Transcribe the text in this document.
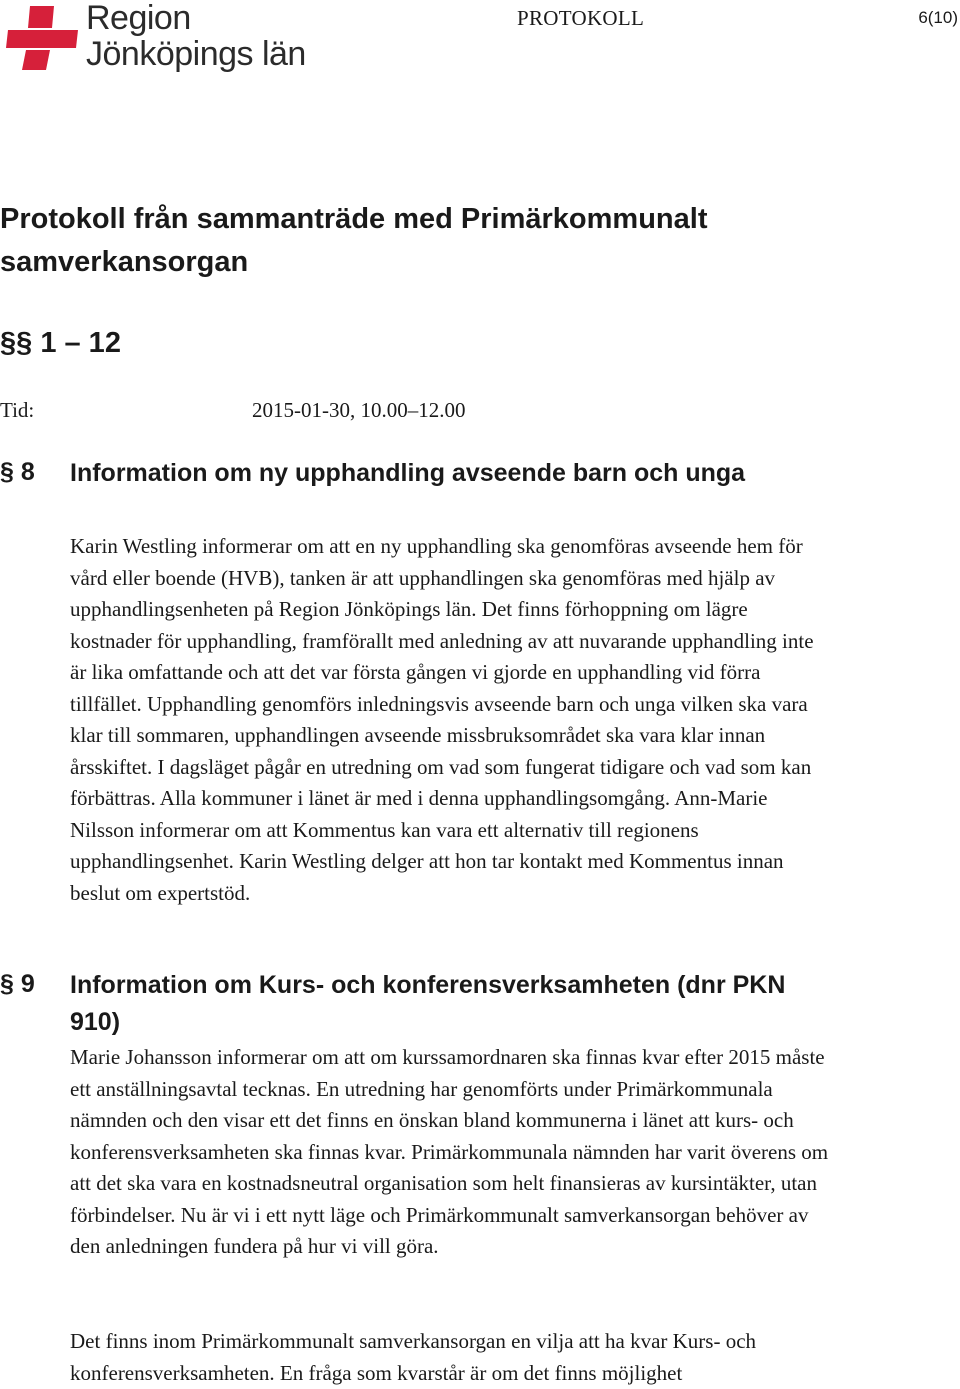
Region
Jönköpings län
PROTOKOLL	6(10)
Protokoll från sammanträde med Primärkommunalt samverkansorgan
§§ 1 – 12
Tid:	2015-01-30, 10.00–12.00
§ 8 Information om ny upphandling avseende barn och unga

Karin Westling informerar om att en ny upphandling ska genomföras avseende hem för vård eller boende (HVB), tanken är att upphandlingen ska genomföras med hjälp av upphandlingsenheten på Region Jönköpings län. Det finns förhoppning om lägre kostnader för upphandling, framförallt med anledning av att nuvarande upphandling inte är lika omfattande och att det var första gången vi gjorde en upphandling vid förra tillfället. Upphandling genomförs inledningsvis avseende barn och unga vilken ska vara klar till sommaren, upphandlingen avseende missbruksområdet ska vara klar innan årsskiftet. I dagsläget pågår en utredning om vad som fungerat tidigare och vad som kan förbättras. Alla kommuner i länet är med i denna upphandlingsomgång. Ann-Marie Nilsson informerar om att Kommentus kan vara ett alternativ till regionens upphandlingsenhet. Karin Westling delger att hon tar kontakt med Kommentus innan beslut om expertstöd.

§ 9 Information om Kurs- och konferensverksamheten (dnr PKN 910)

Marie Johansson informerar om att om kurssamordnaren ska finnas kvar efter 2015 måste ett anställningsavtal tecknas. En utredning har genomförts under Primärkommunala nämnden och den visar ett det finns en önskan bland kommunerna i länet att kurs- och konferensverksamheten ska finnas kvar. Primärkommunala nämnden har varit överens om att det ska vara en kostnadsneutral organisation som helt finansieras av kursintäkter, utan förbindelser. Nu är vi i ett nytt läge och Primärkommunalt samverkansorgan behöver av den anledningen fundera på hur vi vill göra.

Det finns inom Primärkommunalt samverkansorgan en vilja att ha kvar Kurs- och konferensverksamheten. En fråga som kvarstår är om det finns möjlighet
